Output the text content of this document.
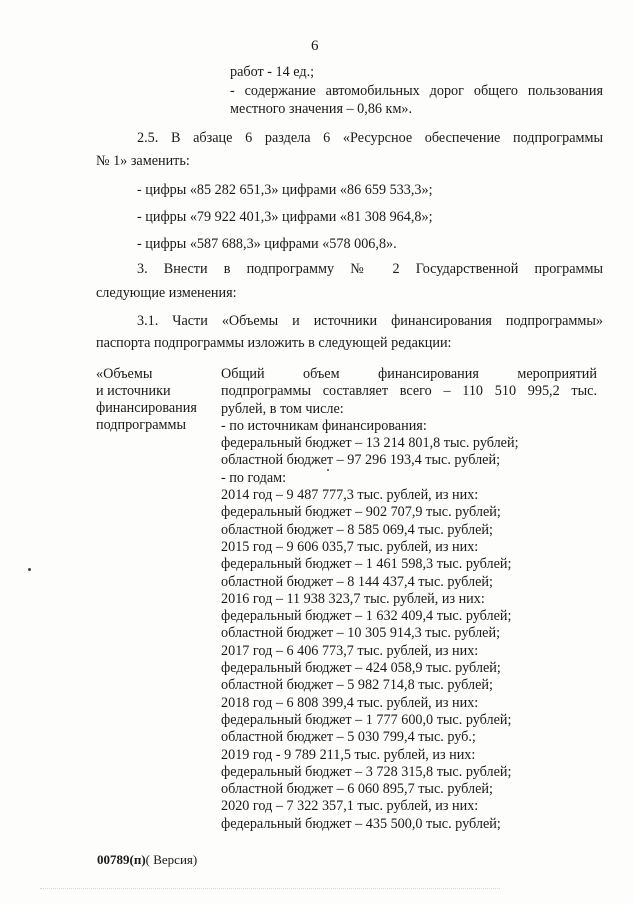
6
работ - 14 ед.;
- содержание автомобильных дорог общего пользования
местного значения – 0,86 км».
2.5. В абзаце 6 раздела 6 «Ресурсное обеспечение подпрограммы
№ 1» заменить:
- цифры «85 282 651,3» цифрами «86 659 533,3»;
- цифры «79 922 401,3» цифрами «81 308 964,8»;
- цифры «587 688,3» цифрами «578 006,8».
3. Внести в подпрограмму № 2 Государственной программы
следующие изменения:
3.1. Части «Объемы и источники финансирования подпрограммы»
паспорта подпрограммы изложить в следующей редакции:
«Объемы
и источники
финансирования
подпрограммы
Общий объем финансирования мероприятий
подпрограммы составляет всего – 110 510 995,2 тыс.
рублей, в том числе:
- по источникам финансирования:
федеральный бюджет – 13 214 801,8 тыс. рублей;
областной бюджет – 97 296 193,4 тыс. рублей;
- по годам:
2014 год – 9 487 777,3 тыс. рублей, из них:
федеральный бюджет – 902 707,9 тыс. рублей;
областной бюджет – 8 585 069,4 тыс. рублей;
2015 год – 9 606 035,7 тыс. рублей, из них:
федеральный бюджет – 1 461 598,3 тыс. рублей;
областной бюджет – 8 144 437,4 тыс. рублей;
2016 год – 11 938 323,7 тыс. рублей, из них:
федеральный бюджет – 1 632 409,4 тыс. рублей;
областной бюджет – 10 305 914,3 тыс. рублей;
2017 год – 6 406 773,7 тыс. рублей, из них:
федеральный бюджет – 424 058,9 тыс. рублей;
областной бюджет – 5 982 714,8 тыс. рублей;
2018 год – 6 808 399,4 тыс. рублей, из них:
федеральный бюджет – 1 777 600,0 тыс. рублей;
областной бюджет – 5 030 799,4 тыс. руб.;
2019 год - 9 789 211,5 тыс. рублей, из них:
федеральный бюджет – 3 728 315,8 тыс. рублей;
областной бюджет – 6 060 895,7 тыс. рублей;
2020 год – 7 322 357,1 тыс. рублей, из них:
федеральный бюджет – 435 500,0 тыс. рублей;
00789(п)( Версия)
